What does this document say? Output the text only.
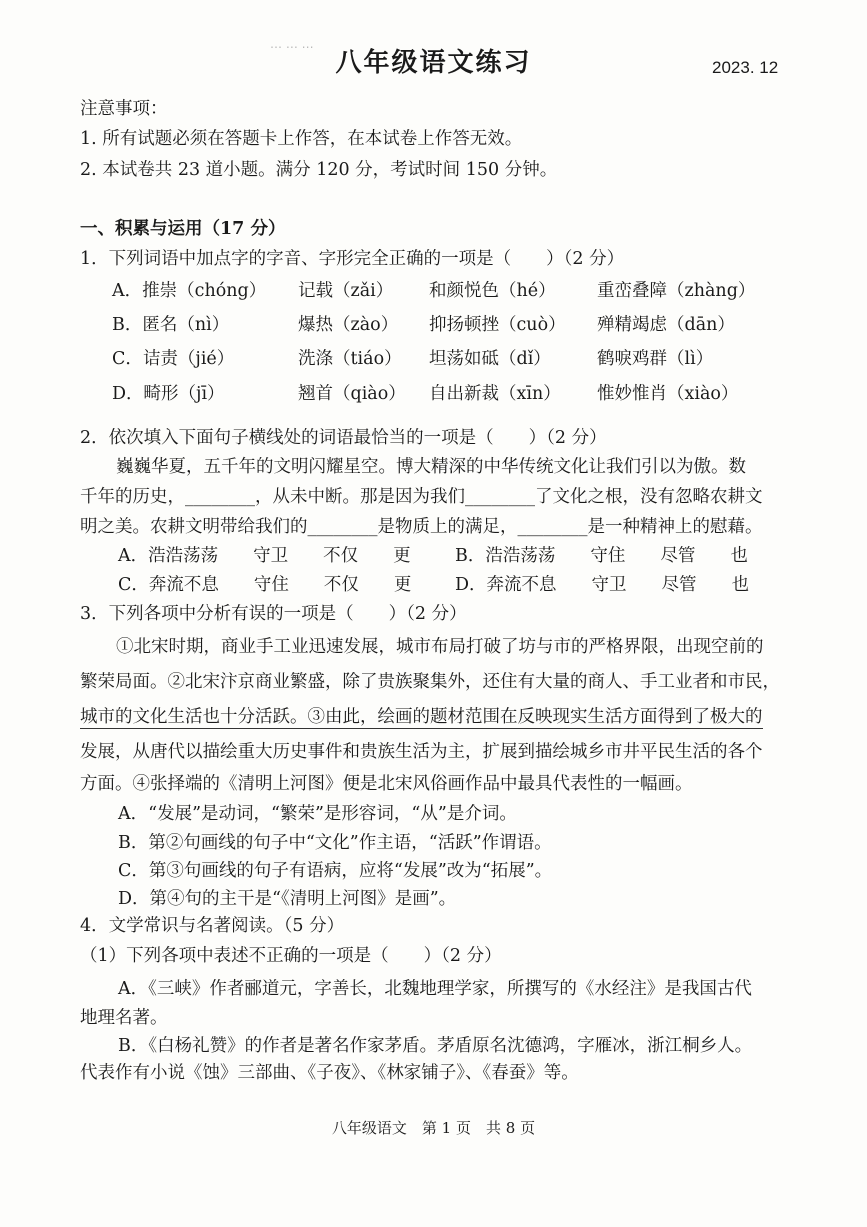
⋯ ⋯ ⋯
八年级语文练习	2023. 12
注意事项：
1. 所有试题必须在答题卡上作答，在本试卷上作答无效。
2. 本试卷共 23 道小题。满分 120 分，考试时间 150 分钟。
一、积累与运用（17 分）
1．下列词语中加点字的字音、字形完全正确的一项是（　　）（2 分）
A．推崇（chóng） 记载（zǎi） 和颜悦色（hé） 重峦叠障（zhàng）
B．匿名（nì）	爆热（zào） 抑扬顿挫（cuò） 殚精竭虑（dān）
C．诘责（jié）	洗涤（tiáo） 坦荡如砥（dǐ）	鹤唳鸡群（lì）
D．畸形（jī）	翘首（qiào） 自出新裁（xīn） 惟妙惟肖（xiào）
2．依次填入下面句子横线处的词语最恰当的一项是（　　）（2 分）
巍巍华夏，五千年的文明闪耀星空。博大精深的中华传统文化让我们引以为傲。数
千年的历史，________，从未中断。那是因为我们________了文化之根，没有忽略农耕文
明之美。农耕文明带给我们的________是物质上的满足，________是一种精神上的慰藉。
A．浩浩荡荡　　守卫　　不仅　　更	B．浩浩荡荡　　守住　　尽管　　也
C．奔流不息　　守住　　不仅　　更 D．奔流不息　　守卫　　尽管　　也
3．下列各项中分析有误的一项是（　　）（2 分）
①北宋时期，商业手工业迅速发展，城市布局打破了坊与市的严格界限，出现空前的
繁荣局面。②北宋汴京商业繁盛，除了贵族聚集外，还住有大量的商人、手工业者和市民，
城市的文化生活也十分活跃。③由此，绘画的题材范围在反映现实生活方面得到了极大的
发展，从唐代以描绘重大历史事件和贵族生活为主，扩展到描绘城乡市井平民生活的各个
方面。④张择端的《清明上河图》便是北宋风俗画作品中最具代表性的一幅画。
A．“发展”是动词，“繁荣”是形容词，“从”是介词。
B．第②句画线的句子中“文化”作主语，“活跃”作谓语。
C．第③句画线的句子有语病，应将“发展”改为“拓展”。
D．第④句的主干是“《清明上河图》是画”。
4．文学常识与名著阅读。（5 分）
（1）下列各项中表述不正确的一项是（　　）（2 分）
A．《三峡》作者郦道元，字善长，北魏地理学家，所撰写的《水经注》是我国古代
地理名著。
B．《白杨礼赞》的作者是著名作家茅盾。茅盾原名沈德鸿，字雁冰，浙江桐乡人。
代表作有小说《蚀》三部曲、《子夜》、《林家铺子》、《春蚕》等。
八年级语文　第 1 页　共 8 页
